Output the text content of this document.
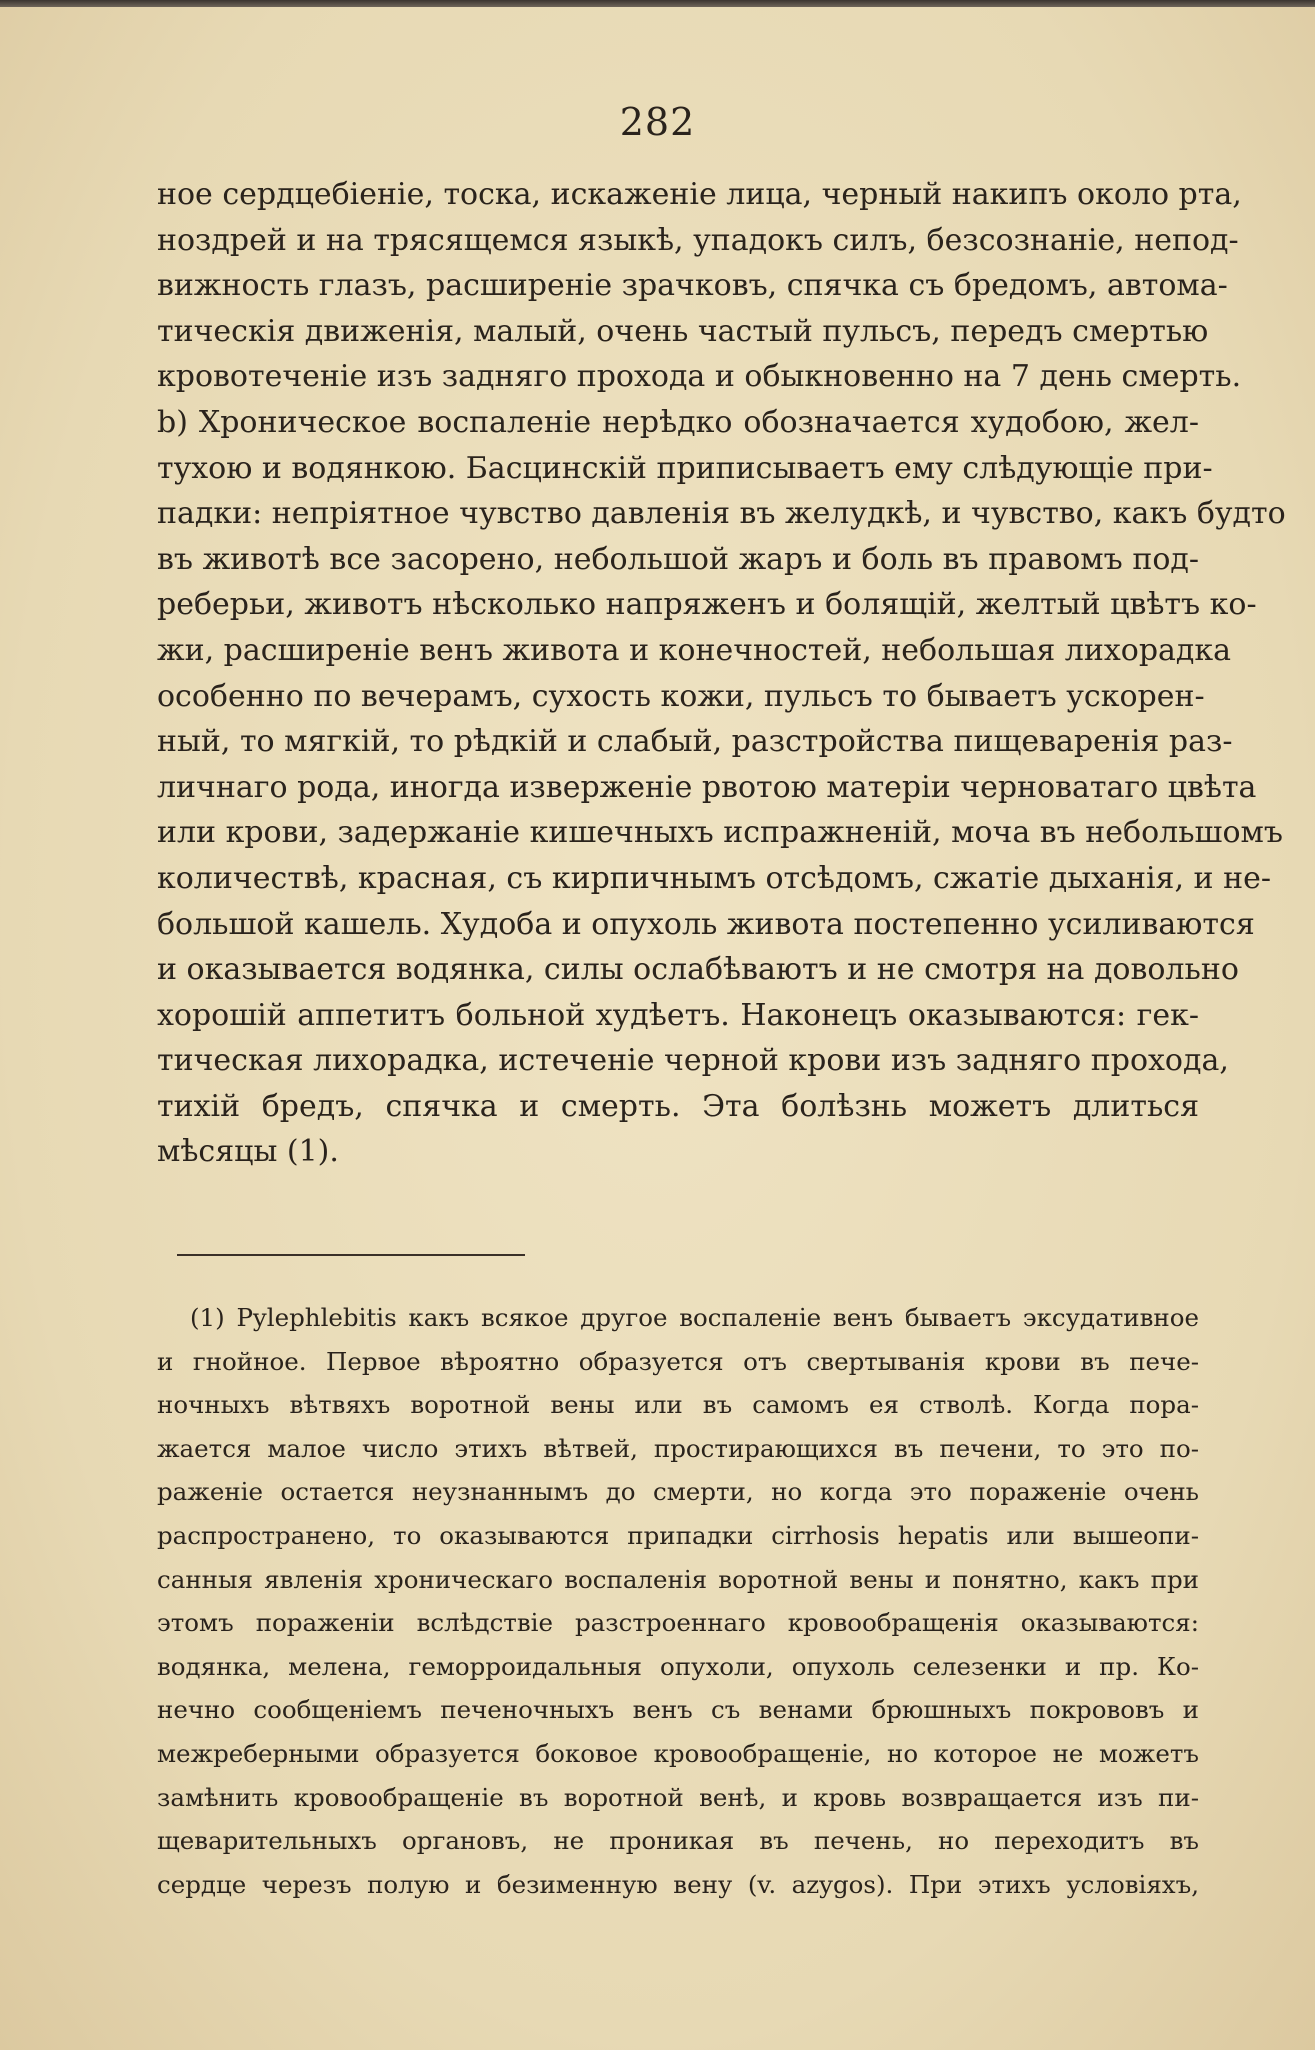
282
ное сердцебіеніе, тоска, искаженіе лица, черный накипъ около рта,
ноздрей и на трясящемся языкѣ, упадокъ силъ, безсознаніе, непод-
вижность глазъ, расширеніе зрачковъ, спячка съ бредомъ, автома-
тическія движенія, малый, очень частый пульсъ, передъ смертью
кровотеченіе изъ задняго прохода и обыкновенно на 7 день смерть.
b) Хроническое воспаленіе нерѣдко обозначается худобою, жел-
тухою и водянкою. Басцинскій приписываетъ ему слѣдующіе при-
падки: непріятное чувство давленія въ желудкѣ, и чувство, какъ будто
въ животѣ все засорено, небольшой жаръ и боль въ правомъ под-
реберьи, животъ нѣсколько напряженъ и болящій, желтый цвѣтъ ко-
жи, расширеніе венъ живота и конечностей, небольшая лихорадка
особенно по вечерамъ, сухость кожи, пульсъ то бываетъ ускорен-
ный, то мягкій, то рѣдкій и слабый, разстройства пищеваренія раз-
личнаго рода, иногда изверженіе рвотою матеріи черноватаго цвѣта
или крови, задержаніе кишечныхъ испражненій, моча въ небольшомъ
количествѣ, красная, съ кирпичнымъ отсѣдомъ, сжатіе дыханія, и не-
большой кашель. Худоба и опухоль живота постепенно усиливаются
и оказывается водянка, силы ослабѣваютъ и не смотря на довольно
хорошій аппетитъ больной худѣетъ. Наконецъ оказываются: гек-
тическая лихорадка, истеченіе черной крови изъ задняго прохода,
тихій бредъ, спячка и смерть. Эта болѣзнь можетъ длиться
мѣсяцы (1).
(1) Pylephlebitis какъ всякое другое воспаленіе венъ бываетъ эксудативное
и гнойное. Первое вѣроятно образуется отъ свертыванія крови въ пече-
ночныхъ вѣтвяхъ воротной вены или въ самомъ ея стволѣ. Когда пора-
жается малое число этихъ вѣтвей, простирающихся въ печени, то это по-
раженіе остается неузнаннымъ до смерти, но когда это пораженіе очень
распространено, то оказываются припадки cirrhosis hepatis или вышеопи-
санныя явленія хроническаго воспаленія воротной вены и понятно, какъ при
этомъ пораженіи вслѣдствіе разстроеннаго кровообращенія оказываются:
водянка, мелена, геморроидальныя опухоли, опухоль селезенки и пр. Ко-
нечно сообщеніемъ печеночныхъ венъ съ венами брюшныхъ покрововъ и
межреберными образуется боковое кровообращеніе, но которое не можетъ
замѣнить кровообращеніе въ воротной венѣ, и кровь возвращается изъ пи-
щеварительныхъ органовъ, не проникая въ печень, но переходитъ въ
сердце черезъ полую и безименную вену (v. azygos). При этихъ условіяхъ,
